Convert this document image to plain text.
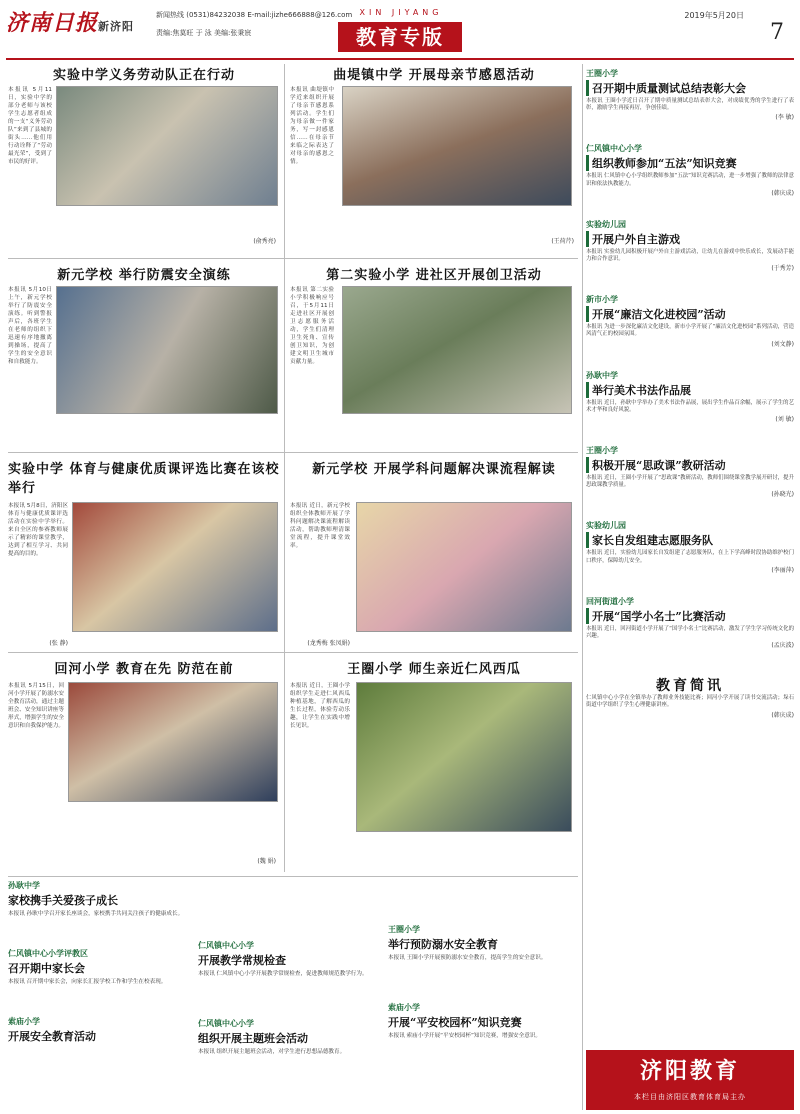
济南日报新济阳
新闻热线 (0531)84232038 E-mail:jizhe666888@126.com
责编:焦莫旺 于 泳 美编:张秉宸
XIN JIYANG
教育专版
2019年5月20日
7
实验中学义务劳动队正在行动
本报讯 5月11日，实验中学的部分老师与该校学生志愿者组成的一支“义务劳动队”来到了县城的街头……他们用行动诠释了“劳动最光荣”，受到了市民的好评。
(俞秀亮)
曲堤镇中学 开展母亲节感恩活动
本报讯 曲堤镇中学近来组织开展了母亲节感恩系列活动。学生们为母亲做一件家务，写一封感恩信……在母亲节来临之际表达了对母亲的感恩之情。
(王荷芹)
新元学校 举行防震安全演练
本报讯 5月10日上午，新元学校举行了防震安全演练。听到警报声后，各班学生在老师的组织下迅速有序地撤离到操场，提高了学生的安全意识和自救能力。
第二实验小学 进社区开展创卫活动
本报讯 第二实验小学积极响应号召，于5月11日走进社区开展创卫志愿服务活动，学生们清理卫生死角、宣传创卫知识，为创建文明卫生城市贡献力量。
实验中学 体育与健康优质课评选比赛在该校举行
本报讯 5月8日，济阳区体育与健康优质课评选活动在实验中学举行。来自全区的参赛教师展示了精彩的课堂教学，达到了相互学习、共同提高的目的。
(张 静)
新元学校 开展学科问题解决课流程解读
本报讯 近日，新元学校组织全体教师开展了学科问题解决课流程解读活动，帮助教师理清课堂流程，提升课堂效率。
(龙秀梅 张凤娟)
回河小学 教育在先 防范在前
本报讯 5月15日，回河小学开展了防溺水安全教育活动，通过主题班会、安全知识讲座等形式，增强学生的安全意识和自我保护能力。
(魏 娟)
王圈小学 师生亲近仁风西瓜
本报讯 近日，王圈小学组织学生走进仁风西瓜种植基地，了解西瓜的生长过程，体验劳动乐趣，让学生在实践中增长见识。
王圈小学
召开期中质量测试总结表彰大会
本报讯 王圈小学近日召开了期中质量测试总结表彰大会，对成绩优秀的学生进行了表彰，激励学生再接再厉，争创佳绩。
(李 敏)
仁风镇中心小学
组织教师参加“五法”知识竞赛
本报讯 仁风镇中心小学组织教师参加“五法”知识竞赛活动，进一步增强了教师的法律意识和依法执教能力。
(韩庆成)
实验幼儿园
开展户外自主游戏
本报讯 实验幼儿园积极开展户外自主游戏活动，让幼儿在游戏中快乐成长，发展动手能力和合作意识。
(于秀芳)
新市小学
开展“廉洁文化进校园”活动
本报讯 为进一步深化廉洁文化建设，新市小学开展了“廉洁文化进校园”系列活动，营造风清气正的校园氛围。
(刘文静)
孙耿中学
举行美术书法作品展
本报讯 近日，孙耿中学举办了美术书法作品展，展出学生作品百余幅，展示了学生的艺术才华和良好风貌。
(刘 敏)
王圈小学
积极开展“思政课”教研活动
本报讯 近日，王圈小学开展了“思政课”教研活动，教师们围绕课堂教学展开研讨，提升思政课教学质量。
(孙晓光)
实验幼儿园
家长自发组建志愿服务队
本报讯 近日，实验幼儿园家长自发组建了志愿服务队，在上下学高峰时段协助维护校门口秩序，保障幼儿安全。
(李丽萍)
回河街道小学
开展“国学小名士”比赛活动
本报讯 近日，回河街道小学开展了“国学小名士”比赛活动，激发了学生学习传统文化的兴趣。
(孟庆波)
教育简讯
仁风镇中心小学在全镇举办了教师业务技能比赛；回河小学开展了读书交流活动；垛石街道中学组织了学生心理健康讲座。
(韩庆成)
济阳教育
本栏目由济阳区教育体育局主办
孙耿中学
家校携手关爱孩子成长
本报讯 孙耿中学召开家长座谈会，家校携手共同关注孩子的健康成长。
仁风镇中心小学评教区
召开期中家长会
本报讯 召开期中家长会，向家长汇报学校工作和学生在校表现。
索庙小学
开展安全教育活动
仁风镇中心小学
开展教学常规检查
本报讯 仁风镇中心小学开展教学常规检查，促进教师规范教学行为。
仁风镇中心小学
组织开展主题班会活动
本报讯 组织开展主题班会活动，对学生进行思想品德教育。
王圈小学
举行预防溺水安全教育
本报讯 王圈小学开展预防溺水安全教育，提高学生的安全意识。
索庙小学
开展“平安校园杯”知识竞赛
本报讯 索庙小学开展“平安校园杯”知识竞赛，增强安全意识。
